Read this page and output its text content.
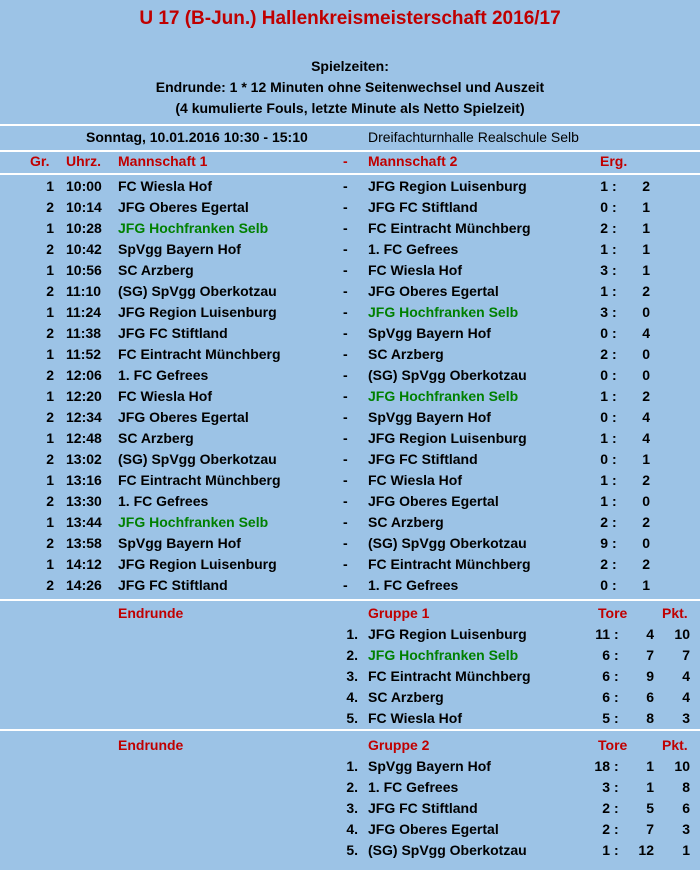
U 17 (B-Jun.) Hallenkreismeisterschaft 2016/17
Spielzeiten:
Endrunde: 1 * 12 Minuten ohne Seitenwechsel und Auszeit
(4 kumulierte Fouls, letzte Minute als Netto Spielzeit)
Sonntag, 10.01.2016 10:30 - 15:10	Dreifachturnhalle Realschule Selb
Gr. Uhrz. Mannschaft 1	- Mannschaft 2	Erg.
1 10:00 FC Wiesla Hof	- JFG Region Luisenburg	1 :	2
2 10:14 JFG Oberes Egertal	- JFG FC Stiftland	0 :	1
1 10:28 JFG Hochfranken Selb	- FC Eintracht Münchberg	2 :	1
2 10:42 SpVgg Bayern Hof	- 1. FC Gefrees	1 :	1
1 10:56 SC Arzberg	- FC Wiesla Hof	3 :	1
2 11:10 (SG) SpVgg Oberkotzau	- JFG Oberes Egertal	1 :	2
1 11:24 JFG Region Luisenburg	- JFG Hochfranken Selb	3 :	0
2 11:38 JFG FC Stiftland	- SpVgg Bayern Hof	0 :	4
1 11:52 FC Eintracht Münchberg	- SC Arzberg	2 :	0
2 12:06 1. FC Gefrees	- (SG) SpVgg Oberkotzau	0 :	0
1 12:20 FC Wiesla Hof	- JFG Hochfranken Selb	1 :	2
2 12:34 JFG Oberes Egertal	- SpVgg Bayern Hof	0 :	4
1 12:48 SC Arzberg	- JFG Region Luisenburg	1 :	4
2 13:02 (SG) SpVgg Oberkotzau	- JFG FC Stiftland	0 :	1
1 13:16 FC Eintracht Münchberg	- FC Wiesla Hof	1 :	2
2 13:30 1. FC Gefrees	- JFG Oberes Egertal	1 :	0
1 13:44 JFG Hochfranken Selb	- SC Arzberg	2 :	2
2 13:58 SpVgg Bayern Hof	- (SG) SpVgg Oberkotzau	9 :	0
1 14:12 JFG Region Luisenburg	- FC Eintracht Münchberg	2 :	2
2 14:26 JFG FC Stiftland	- 1. FC Gefrees	0 :	1
Endrunde	Gruppe 1	Tore Pkt.
1. JFG Region Luisenburg	11 :	4	10
2. JFG Hochfranken Selb	6 :	7	7
3. FC Eintracht Münchberg	6 :	9	4
4. SC Arzberg	6 :	6	4
5. FC Wiesla Hof	5 :	8	3
Endrunde	Gruppe 2	Tore Pkt.
1. SpVgg Bayern Hof	18 :	1	10
2. 1. FC Gefrees	3 :	1	8
3. JFG FC Stiftland	2 :	5	6
4. JFG Oberes Egertal	2 :	7	3
5. (SG) SpVgg Oberkotzau	1 :	12	1
